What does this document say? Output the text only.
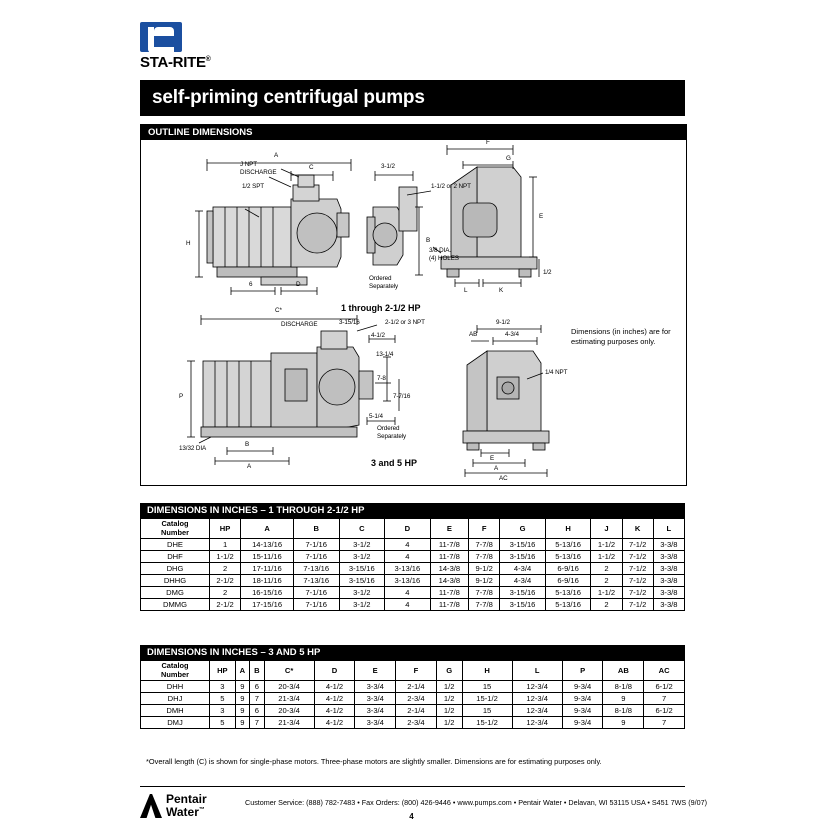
STA-RITE®
self-priming centrifugal pumps
OUTLINE DIMENSIONS
A
C
J NPT
DISCHARGE
1/2 SPT
H
6	D
3-1/2
1-1/2 or 2 NPT
Ordered
Separately
B
3/8 DIA.
(4) HOLES
F
G
E
L	K
1/2
C*
DISCHARGE	3-15/16	2-1/2 or 3 NPT
4-1/2
13-1/4
7-8
7-7/16
5-1/4
Ordered
Separately
P
13/32 DIA
B
A
9-1/2
4-3/4
AB
1/4 NPT
E
A
AC
Dimensions (in inches) are for estimating purposes only.
1 through 2-1/2 HP
3 and 5 HP
DIMENSIONS IN INCHES – 1 THROUGH 2-1/2 HP
Catalog
Number	HP	A	B	C	D	E	F	G	H	J	K	L
DHE	1	14-13/16	7-1/16	3-1/2	4	11-7/8	7-7/8	3-15/16	5-13/16	1-1/2	7-1/2	3-3/8
DHF	1-1/2	15-11/16	7-1/16	3-1/2	4	11-7/8	7-7/8	3-15/16	5-13/16	1-1/2	7-1/2	3-3/8
DHG	2	17-11/16	7-13/16	3-15/16	3-13/16	14-3/8	9-1/2	4-3/4	6-9/16	2	7-1/2	3-3/8
DHHG	2-1/2	18-11/16	7-13/16	3-15/16	3-13/16	14-3/8	9-1/2	4-3/4	6-9/16	2	7-1/2	3-3/8
DMG	2	16-15/16	7-1/16	3-1/2	4	11-7/8	7-7/8	3-15/16	5-13/16	1-1/2	7-1/2	3-3/8
DMMG	2-1/2	17-15/16	7-1/16	3-1/2	4	11-7/8	7-7/8	3-15/16	5-13/16	2	7-1/2	3-3/8
DIMENSIONS IN INCHES – 3 AND 5 HP
Catalog
Number	HP	A	B	C*	D	E	F	G	H	L	P	AB	AC
DHH	3	9	6	20-3/4	4-1/2	3-3/4	2-1/4	1/2	15	12-3/4	9-3/4	8-1/8	6-1/2
DHJ	5	9	7	21-3/4	4-1/2	3-3/4	2-3/4	1/2	15-1/2	12-3/4	9-3/4	9	7
DMH	3	9	6	20-3/4	4-1/2	3-3/4	2-1/4	1/2	15	12-3/4	9-3/4	8-1/8	6-1/2
DMJ	5	9	7	21-3/4	4-1/2	3-3/4	2-3/4	1/2	15-1/2	12-3/4	9-3/4	9	7
*Overall length (C) is shown for single-phase motors. Three-phase motors are slightly smaller. Dimensions are for estimating purposes only.
Pentair
Water™
Customer Service: (888) 782-7483 • Fax Orders: (800) 426-9446 • www.pumps.com • Pentair Water • Delavan, WI 53115 USA • S451 7WS (9/07)
4
